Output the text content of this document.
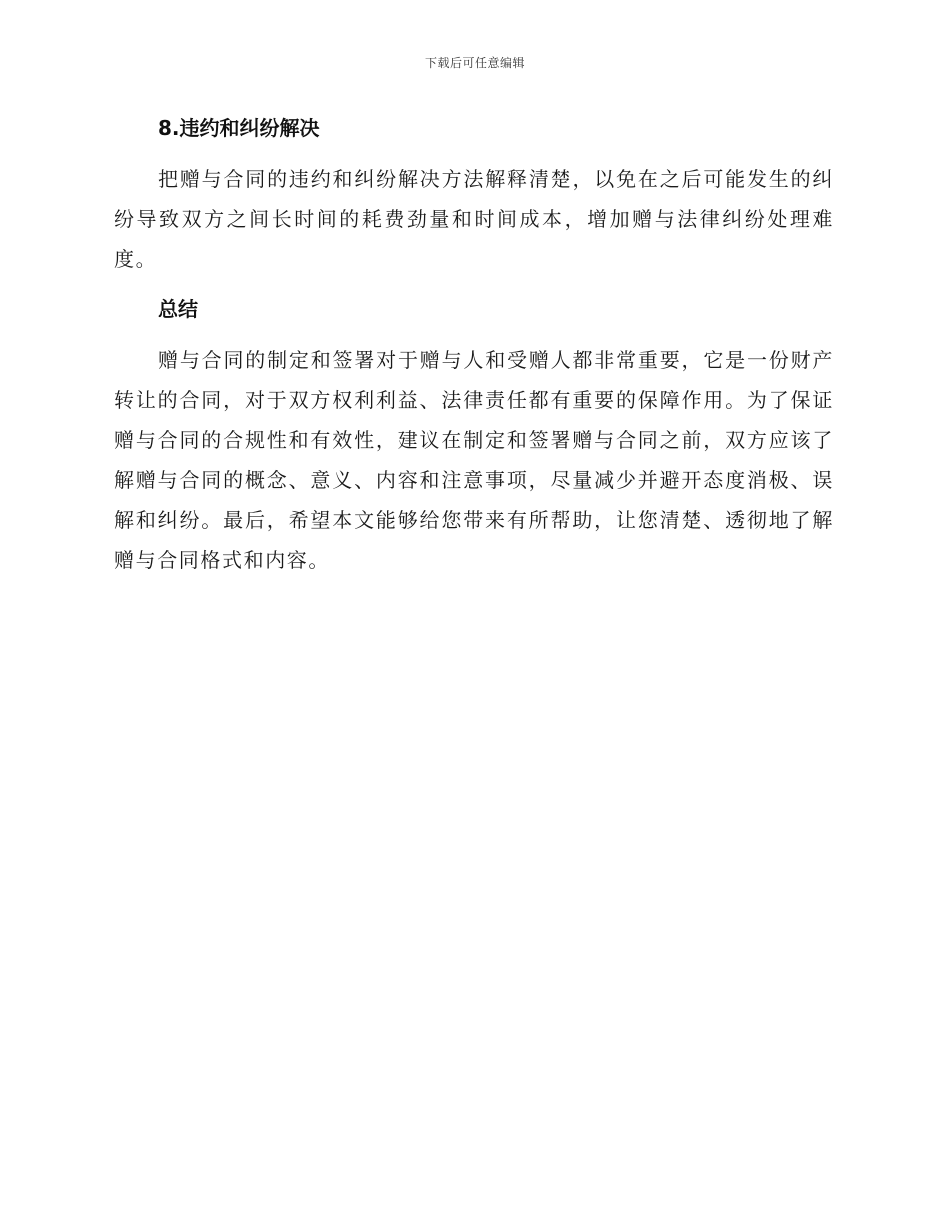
下载后可任意编辑
8.违约和纠纷解决

把赠与合同的违约和纠纷解决方法解释清楚，以免在之后可能发生的纠纷导致双方之间长时间的耗费劲量和时间成本，增加赠与法律纠纷处理难度。

总结

赠与合同的制定和签署对于赠与人和受赠人都非常重要，它是一份财产转让的合同，对于双方权利利益、法律责任都有重要的保障作用。为了保证赠与合同的合规性和有效性，建议在制定和签署赠与合同之前，双方应该了解赠与合同的概念、意义、内容和注意事项，尽量减少并避开态度消极、误解和纠纷。最后，希望本文能够给您带来有所帮助，让您清楚、透彻地了解赠与合同格式和内容。
